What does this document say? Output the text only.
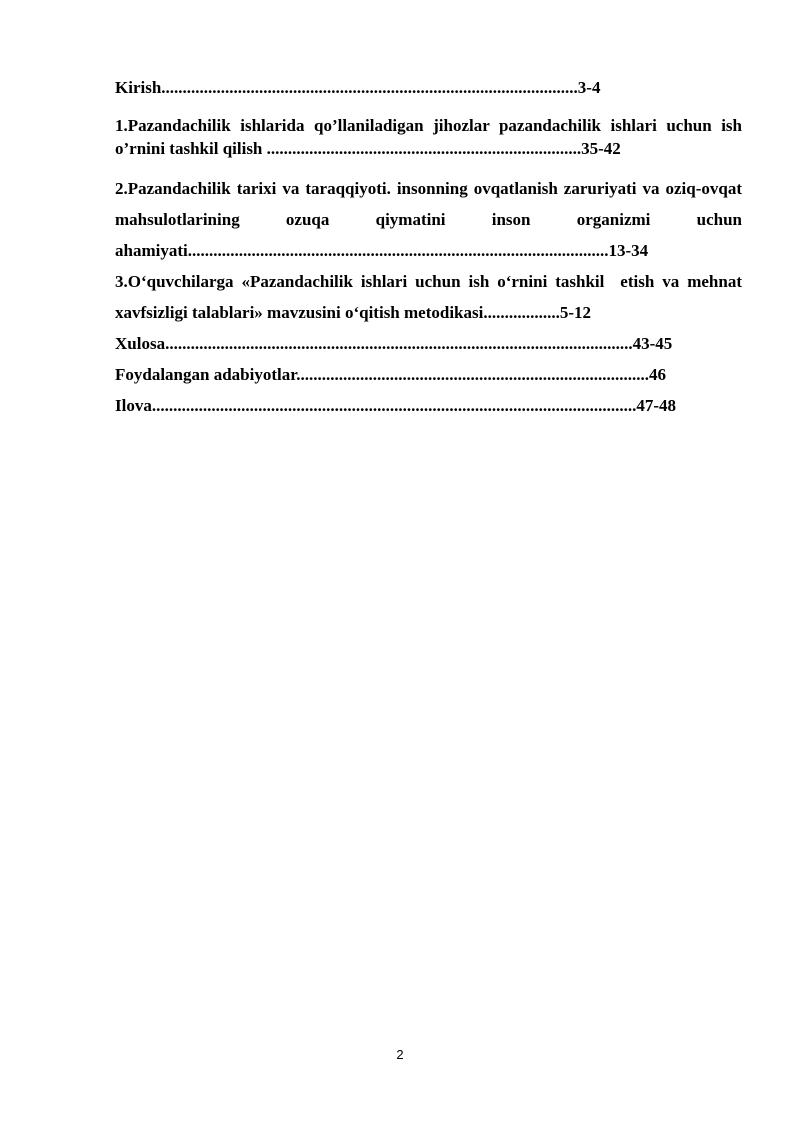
Kirish..................................................................................................3-4

1.Pazandachilik ishlarida qo’llaniladigan jihozlar pazandachilik ishlari uchun ish o’rnini tashkil qilish ..........................................................................35-42

2.Pazandachilik tarixi va taraqqiyoti. insonning ovqatlanish zaruriyati va oziq-ovqat mahsulotlarining ozuqa qiymatini inson organizmi uchun ahamiyati...................................................................................................13-34

3.O‘quvchilarga «Pazandachilik ishlari uchun ish o‘rnini tashkil  etish va mehnat xavfsizligi talablari» mavzusini o‘qitish metodikasi..................5-12

Xulosa..............................................................................................................43-45

Foydalangan adabiyotlar...................................................................................46

Ilova..................................................................................................................47-48

2
